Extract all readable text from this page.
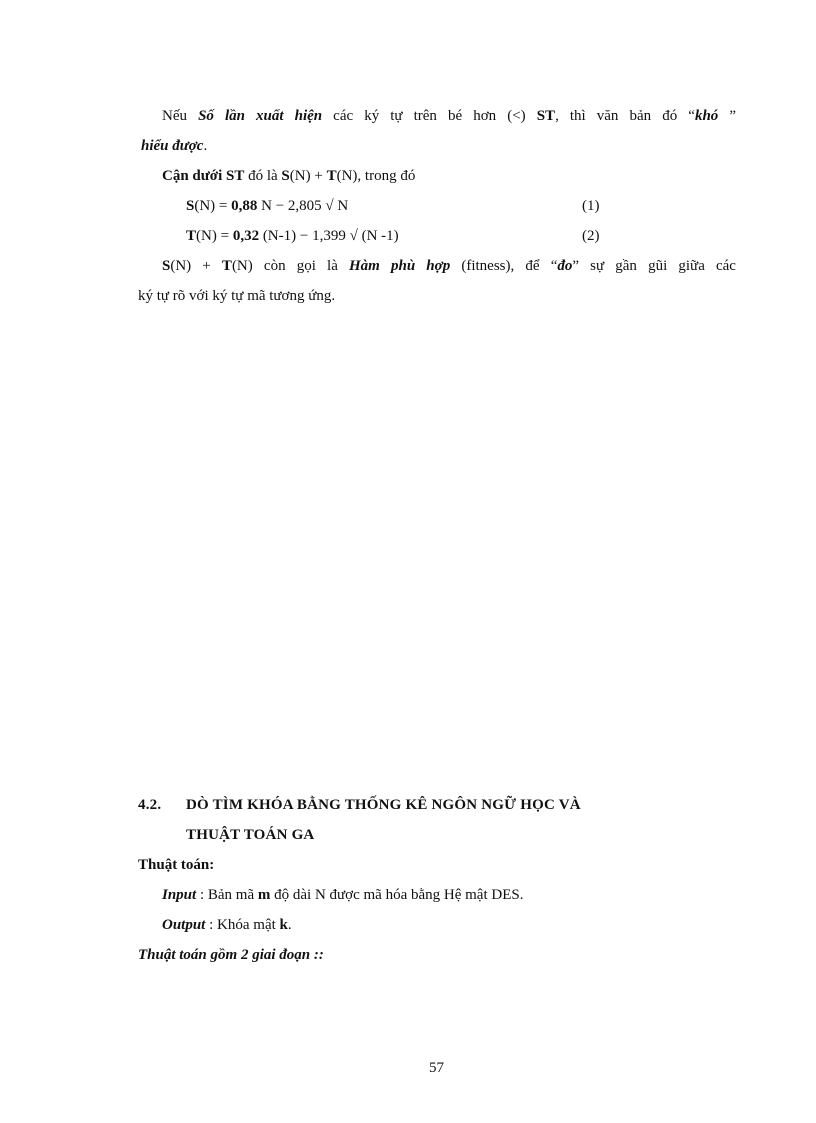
Nếu Số lần xuất hiện các ký tự trên bé hơn (<) ST, thì văn bản đó “khó ”
hiểu được.
Cận dưới ST đó là S(N) + T(N), trong đó
S(N) = 0,88 N − 2,805 √ N	(1)
T(N) = 0,32 (N-1) − 1,399 √ (N -1)	(2)
S(N) + T(N) còn gọi là Hàm phù hợp (fitness), để “đo” sự gần gũi giữa các
ký tự rõ với ký tự mã tương ứng.
4.2. DÒ TÌM KHÓA BẰNG THỐNG KÊ NGÔN NGỮ HỌC VÀ
THUẬT TOÁN GA
Thuật toán:
Input : Bản mã m độ dài N được mã hóa bằng Hệ mật DES.
Output : Khóa mật k.
Thuật toán gồm 2 giai đoạn ::
57
